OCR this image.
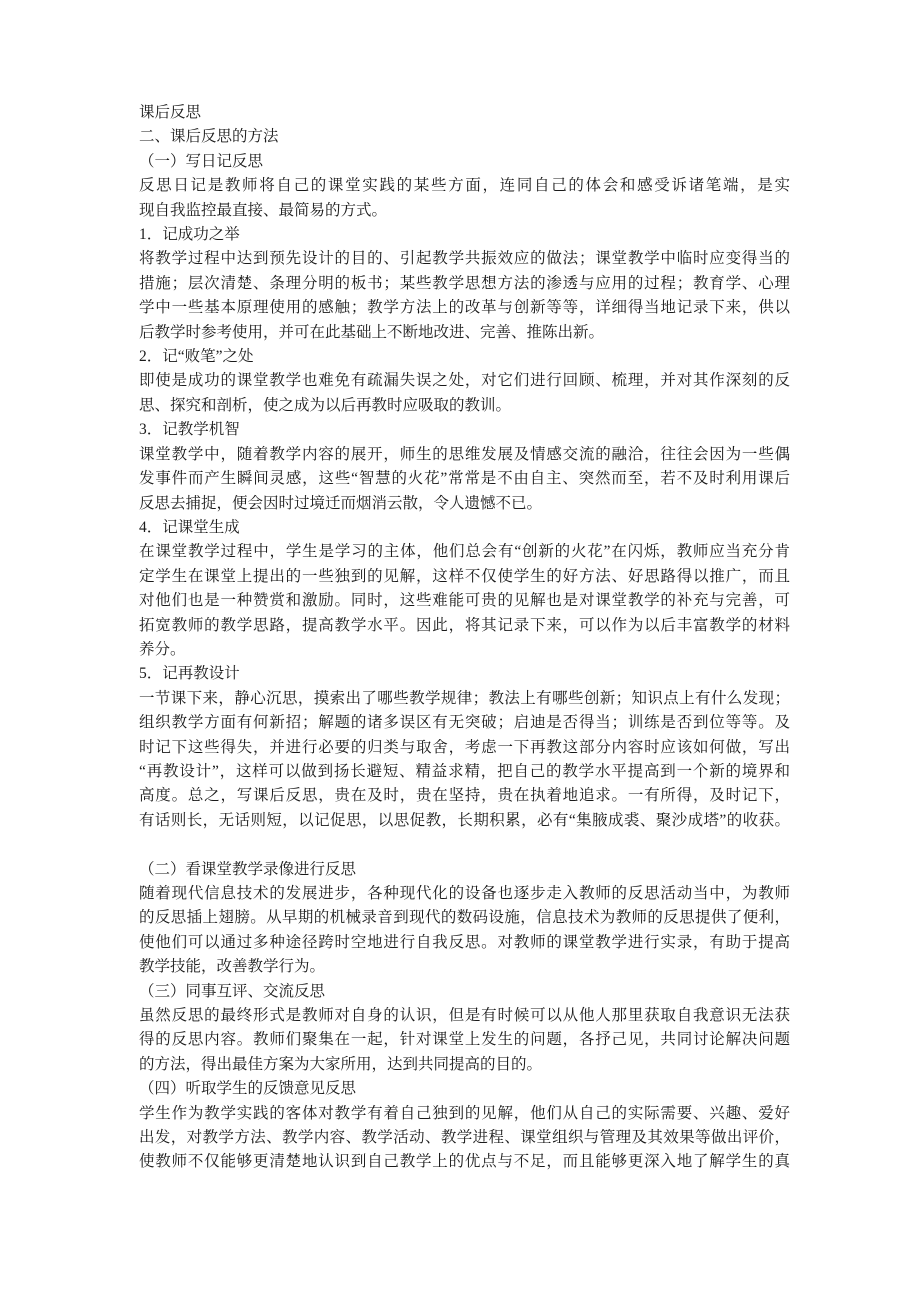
课后反思
二、课后反思的方法
（一）写日记反思
反思日记是教师将自己的课堂实践的某些方面，连同自己的体会和感受诉诸笔端，是实
现自我监控最直接、最简易的方式。
1．记成功之举
将教学过程中达到预先设计的目的、引起教学共振效应的做法；课堂教学中临时应变得当的
措施；层次清楚、条理分明的板书；某些教学思想方法的渗透与应用的过程；教育学、心理
学中一些基本原理使用的感触；教学方法上的改革与创新等等，详细得当地记录下来，供以
后教学时参考使用，并可在此基础上不断地改进、完善、推陈出新。
2．记“败笔”之处
即使是成功的课堂教学也难免有疏漏失误之处，对它们进行回顾、梳理，并对其作深刻的反
思、探究和剖析，使之成为以后再教时应吸取的教训。
3．记教学机智
课堂教学中，随着教学内容的展开，师生的思维发展及情感交流的融洽，往往会因为一些偶
发事件而产生瞬间灵感，这些“智慧的火花”常常是不由自主、突然而至，若不及时利用课后
反思去捕捉，便会因时过境迁而烟消云散，令人遗憾不已。
4．记课堂生成
在课堂教学过程中，学生是学习的主体，他们总会有“创新的火花”在闪烁，教师应当充分肯
定学生在课堂上提出的一些独到的见解，这样不仅使学生的好方法、好思路得以推广，而且
对他们也是一种赞赏和激励。同时，这些难能可贵的见解也是对课堂教学的补充与完善，可
拓宽教师的教学思路，提高教学水平。因此，将其记录下来，可以作为以后丰富教学的材料
养分。
5．记再教设计
一节课下来，静心沉思，摸索出了哪些教学规律；教法上有哪些创新；知识点上有什么发现；
组织教学方面有何新招；解题的诸多误区有无突破；启迪是否得当；训练是否到位等等。及
时记下这些得失，并进行必要的归类与取舍，考虑一下再教这部分内容时应该如何做，写出
“再教设计”，这样可以做到扬长避短、精益求精，把自己的教学水平提高到一个新的境界和
高度。总之，写课后反思，贵在及时，贵在坚持，贵在执着地追求。一有所得，及时记下，
有话则长，无话则短，以记促思，以思促教，长期积累，必有“集腋成裘、聚沙成塔”的收获。
（二）看课堂教学录像进行反思
随着现代信息技术的发展进步，各种现代化的设备也逐步走入教师的反思活动当中，为教师
的反思插上翅膀。从早期的机械录音到现代的数码设施，信息技术为教师的反思提供了便利，
使他们可以通过多种途径跨时空地进行自我反思。对教师的课堂教学进行实录，有助于提高
教学技能，改善教学行为。
（三）同事互评、交流反思
虽然反思的最终形式是教师对自身的认识，但是有时候可以从他人那里获取自我意识无法获
得的反思内容。教师们聚集在一起，针对课堂上发生的问题，各抒己见，共同讨论解决问题
的方法，得出最佳方案为大家所用，达到共同提高的目的。
（四）听取学生的反馈意见反思
学生作为教学实践的客体对教学有着自己独到的见解，他们从自己的实际需要、兴趣、爱好
出发，对教学方法、教学内容、教学活动、教学进程、课堂组织与管理及其效果等做出评价，
使教师不仅能够更清楚地认识到自己教学上的优点与不足，而且能够更深入地了解学生的真
